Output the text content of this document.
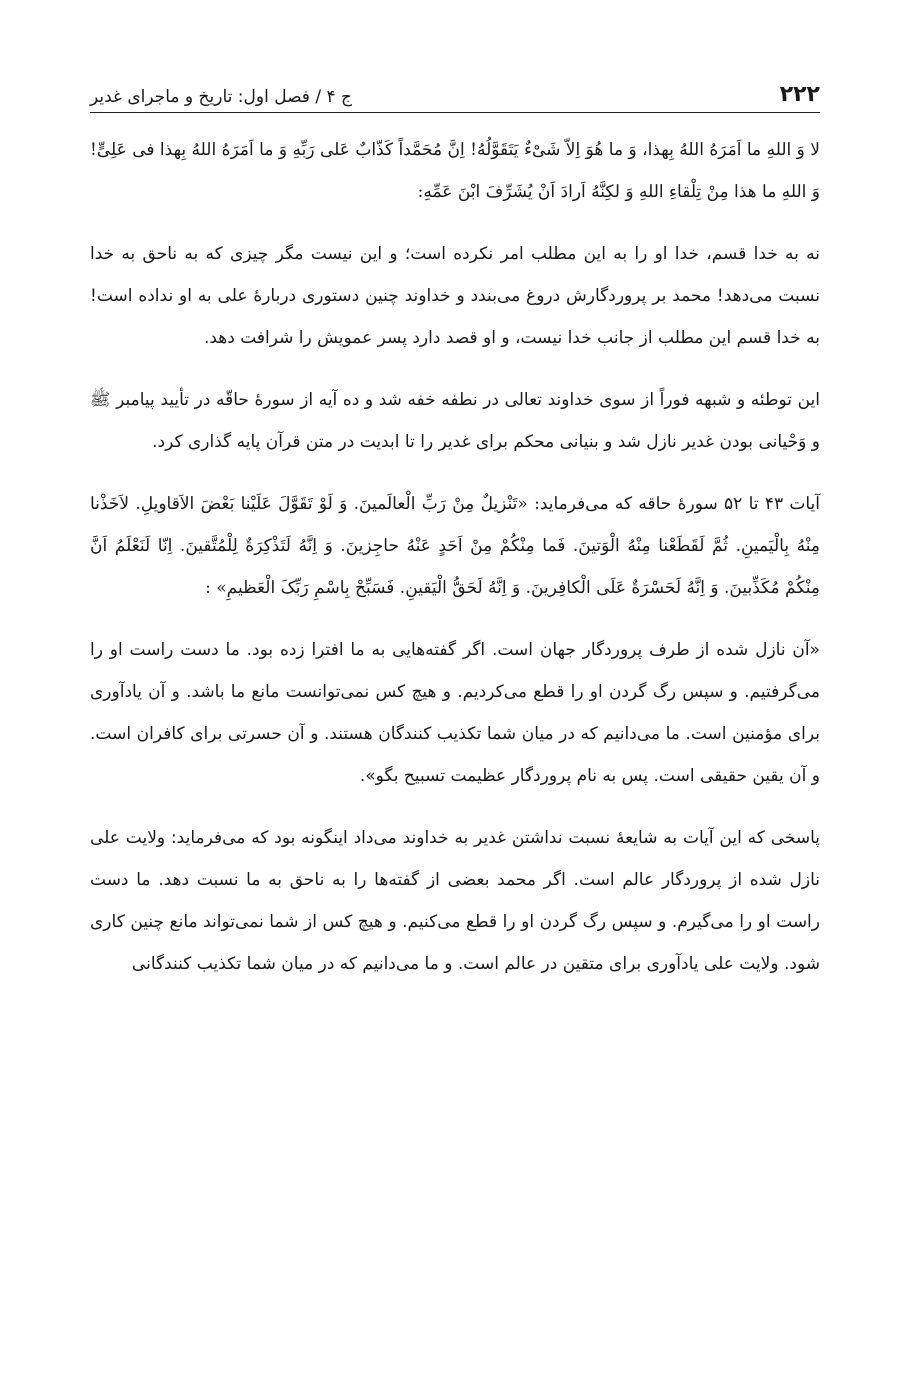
۲۲۲
ج ۴ / فصل اول: تاریخ و ماجرای غدیر

لا وَ اللهِ ما اَمَرَهُ اللهُ بِهذا، وَ ما هُوَ اِلاّ شَیْءٌ یَتَقَوَّلُهُ! اِنَّ مُحَمَّداً کَذّابٌ عَلی رَبِّهِ وَ ما اَمَرَهُ اللهُ بِهذا فی عَلِیٍّ! وَ اللهِ ما هذا مِنْ تِلْقاءِ اللهِ وَ لکِنَّهُ اَرادَ اَنْ یُشَرِّفَ ابْنَ عَمِّهِ:

نه به خدا قسم، خدا او را به این مطلب امر نکرده است؛ و این نیست مگر چیزی که به ناحق به خدا نسبت می‌دهد! محمد بر پروردگارش دروغ می‌بندد و خداوند چنین دستوری دربارۀ علی به او نداده است! به خدا قسم این مطلب از جانب خدا نیست، و او قصد دارد پسر عمویش را شرافت دهد.

این توطئه و شبهه فوراً از سوی خداوند تعالی در نطفه خفه شد و ده آیه از سورۀ حاقّه در تأیید پیامبر ﷺ و وَحْیانی بودن غدیر نازل شد و بنیانی محکم برای غدیر را تا ابدیت در متن قرآن پایه گذاری کرد.

آیات ۴۳ تا ۵۲ سورۀ حاقه که می‌فرماید: «تَنْزیلٌ مِنْ رَبِّ الْعالَمینَ. وَ لَوْ تَقَوَّلَ عَلَیْنا بَعْضَ الاَقاویلِ. لاَخَذْنا مِنْهُ بِالْیَمینِ. ثُمَّ لَقَطَعْنا مِنْهُ الْوَتینَ. فَما مِنْکُمْ مِنْ اَحَدٍ عَنْهُ حاجِزینَ. وَ اِنَّهُ لَتَذْکِرَةٌ لِلْمُتَّقینَ. اِنّا لَنَعْلَمُ اَنَّ مِنْکُمْ مُکَذِّبینَ. وَ اِنَّهُ لَحَسْرَةٌ عَلَی الْکافِرینَ. وَ اِنَّهُ لَحَقُّ الْیَقینِ. فَسَبِّحْ بِاسْمِ رَبِّکَ الْعَظیمِ» :

«آن نازل شده از طرف پروردگار جهان است. اگر گفته‌هایی به ما افترا زده بود. ما دست راست او را می‌گرفتیم. و سپس رگ گردن او را قطع می‌کردیم. و هیچ کس نمی‌توانست مانع ما باشد. و آن یادآوری برای مؤمنین است. ما می‌دانیم که در میان شما تکذیب کنندگان هستند. و آن حسرتی برای کافران است. و آن یقین حقیقی است. پس به نام پروردگار عظیمت تسبیح بگو».

پاسخی که این آیات به شایعۀ نسبت نداشتن غدیر به خداوند می‌داد اینگونه بود که می‌فرماید: ولایت علی نازل شده از پروردگار عالم است. اگر محمد بعضی از گفته‌ها را به ناحق به ما نسبت دهد. ما دست راست او را می‌گیرم. و سپس رگ گردن او را قطع می‌کنیم. و هیچ کس از شما نمی‌تواند مانع چنین کاری شود. ولایت علی یادآوری برای متقین در عالم است. و ما می‌دانیم که در میان شما تکذیب کنندگانی
